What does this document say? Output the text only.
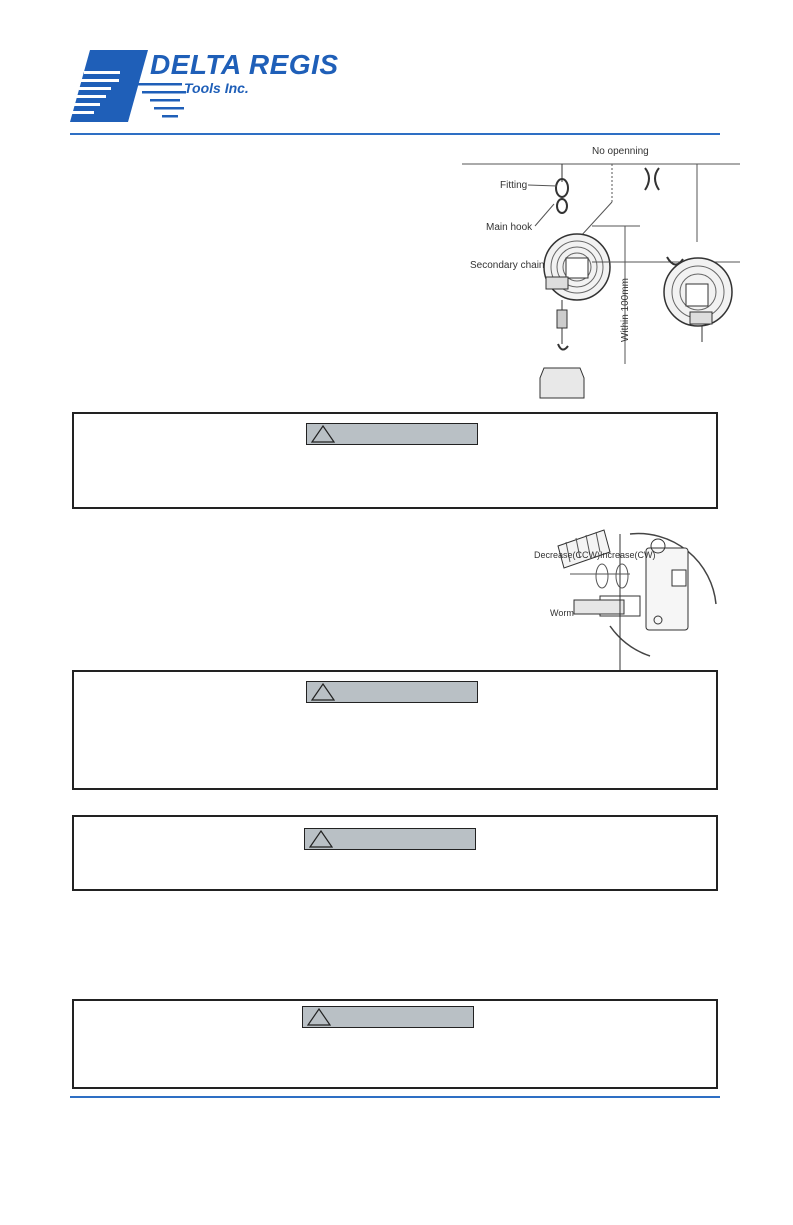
DELTA REGIS
Tools Inc.
No openning
Fitting
Main hook
Secondary chain
Within 100mm
Decrease(CCW) Increase(CW)
Worm
